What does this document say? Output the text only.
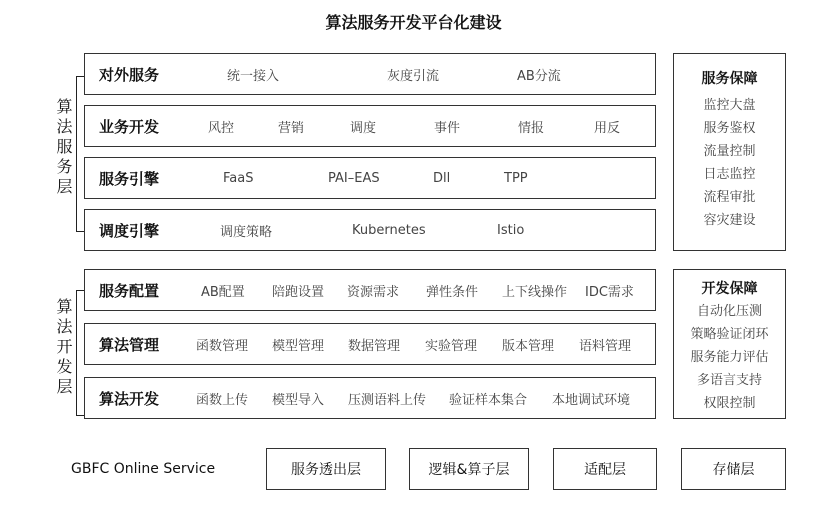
算法服务开发平台化建设
算法服务层
对外服务	统一接入	灰度引流	AB分流
业务开发	风控	营销	调度	事件	情报	用反
服务引擎	FaaS	PAI–EAS	Dll	TPP
调度引擎	调度策略	Kubernetes	Istio
算法开发层
服务配置	AB配置 陪跑设置 资源需求 弹性条件 上下线操作 IDC需求
算法管理	函数管理 模型管理 数据管理 实验管理 版本管理 语料管理
算法开发	函数上传 模型导入 压测语料上传 验证样本集合 本地调试环境
服务保障
监控大盘
服务鉴权
流量控制
日志监控
流程审批
容灾建设
开发保障
自动化压测
策略验证闭环
服务能力评估
多语言支持
权限控制
GBFC Online Service	服务透出层	逻辑&算子层	适配层	存储层
